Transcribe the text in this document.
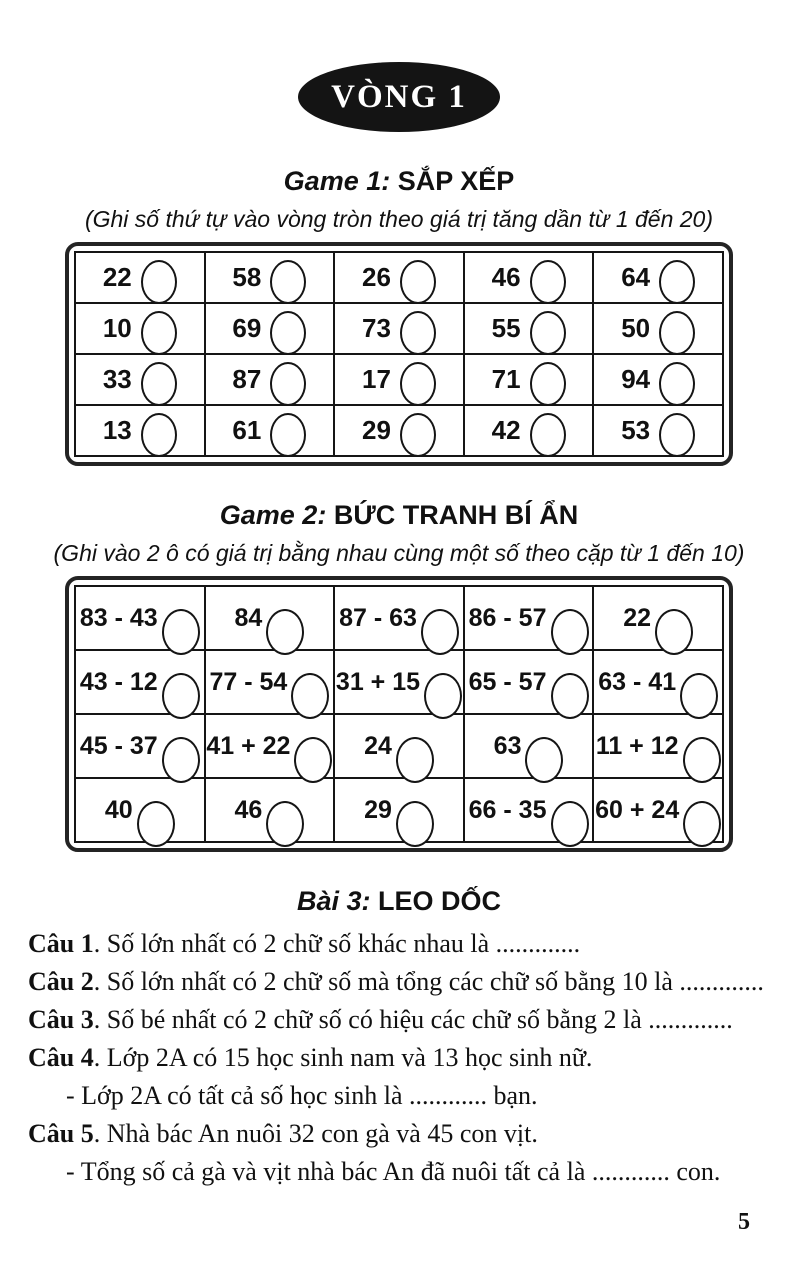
VÒNG 1
Game 1: SẮP XẾP
(Ghi số thứ tự vào vòng tròn theo giá trị tăng dần từ 1 đến 20)
22	58	26	46	64

10	69	73	55	50

33	87	17	71	94

13	61	29	42	53
Game 2: BỨC TRANH BÍ ẨN
(Ghi vào 2 ô có giá trị bằng nhau cùng một số theo cặp từ 1 đến 10)
83 - 43	84	87 - 63	86 - 57	22

43 - 12	77 - 54	31 + 15	65 - 57	63 - 41

45 - 37	41 + 22	24	63	11 + 12

40	46	29	66 - 35	60 + 24
Bài 3: LEO DỐC
Câu 1. Số lớn nhất có 2 chữ số khác nhau là .............
Câu 2. Số lớn nhất có 2 chữ số mà tổng các chữ số bằng 10 là .............
Câu 3. Số bé nhất có 2 chữ số có hiệu các chữ số bằng 2 là .............
Câu 4. Lớp 2A có 15 học sinh nam và 13 học sinh nữ.
- Lớp 2A có tất cả số học sinh là ............ bạn.
Câu 5. Nhà bác An nuôi 32 con gà và 45 con vịt.
- Tổng số cả gà và vịt nhà bác An đã nuôi tất cả là ............ con.
5
